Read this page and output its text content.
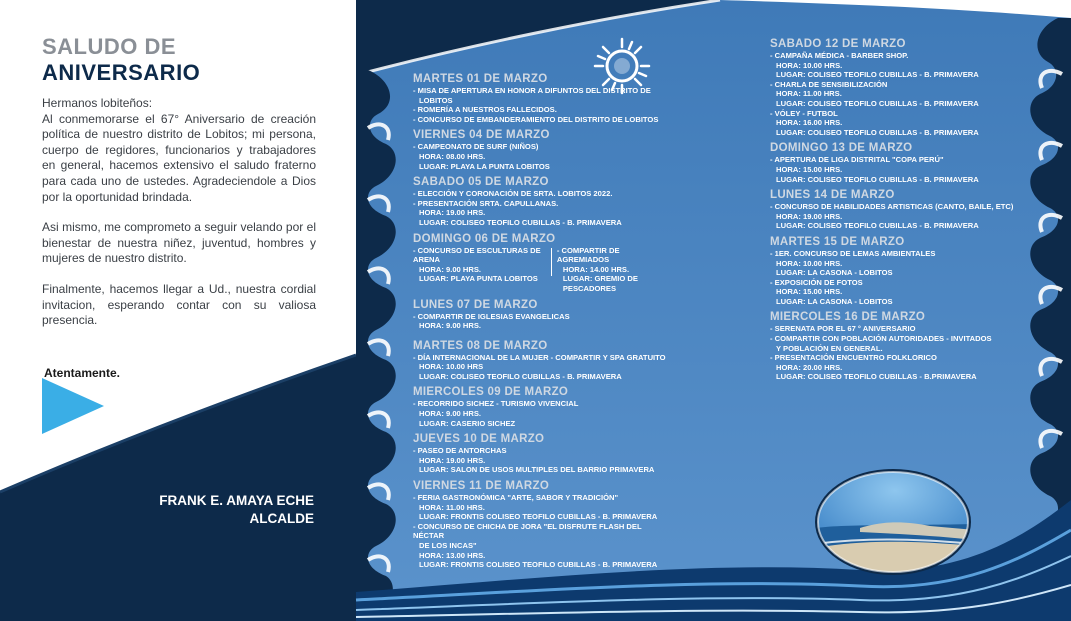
SALUDO DE
ANIVERSARIO

Hermanos lobiteños:

Al conmemorarse el 67° Aniversario de creación política de nuestro distrito de Lobitos; mi persona, cuerpo de regidores, funcionarios y trabajadores en general, hacemos extensivo el saludo fraterno para cada uno de ustedes. Agradeciendole a Dios por la oportunidad brindada.

Asi mismo, me comprometo a seguir velando por el bienestar de nuestra niñez, juventud, hombres y mujeres de nuestro distrito.

Finalmente, hacemos llegar a Ud., nuestra cordial invitacion, esperando contar con su valiosa presencia.

Atentamente.
FRANK E. AMAYA ECHE
ALCALDE
MARTES 01 DE MARZO
- MISA DE APERTURA EN HONOR A DIFUNTOS DEL DISTRITO DE
LOBITOS
- ROMERÍA A NUESTROS FALLECIDOS.
- CONCURSO DE EMBANDERAMIENTO DEL DISTRITO DE LOBITOS
VIERNES 04 DE MARZO
- CAMPEONATO DE SURF (NIÑOS)
HORA: 08.00 HRS.
LUGAR: PLAYA LA PUNTA LOBITOS
SABADO 05 DE MARZO
- ELECCIÓN Y CORONACIÓN DE SRTA. LOBITOS 2022.
- PRESENTACIÓN SRTA. CAPULLANAS.
HORA: 19.00 HRS.
LUGAR: COLISEO TEOFILO CUBILLAS - B. PRIMAVERA
DOMINGO 06 DE MARZO
- CONCURSO DE ESCULTURAS DE ARENA
HORA: 9.00 HRS.
LUGAR: PLAYA PUNTA LOBITOS
- COMPARTIR DE AGREMIADOS
HORA: 14.00 HRS.
LUGAR: GREMIO DE PESCADORES
LUNES 07 DE MARZO
- COMPARTIR DE IGLESIAS EVANGELICAS
HORA: 9.00 HRS.
MARTES 08 DE MARZO
- DÍA INTERNACIONAL DE LA MUJER - COMPARTIR Y SPA GRATUITO
HORA: 10.00 HRS
LUGAR: COLISEO TEOFILO CUBILLAS - B. PRIMAVERA
MIERCOLES 09 DE MARZO
- RECORRIDO SICHEZ - TURISMO VIVENCIAL
HORA: 9.00 HRS.
LUGAR: CASERIO SICHEZ
JUEVES 10 DE MARZO
- PASEO DE ANTORCHAS
HORA: 19.00 HRS.
LUGAR: SALON DE USOS MULTIPLES DEL BARRIO PRIMAVERA
VIERNES 11 DE MARZO
- FERIA GASTRONÓMICA "ARTE, SABOR Y TRADICIÓN"
HORA: 11.00 HRS.
LUGAR: FRONTIS COLISEO TEOFILO CUBILLAS - B. PRIMAVERA
- CONCURSO DE CHICHA DE JORA "EL DISFRUTE FLASH DEL NÉCTAR
DE LOS INCAS"
HORA: 13.00 HRS.
LUGAR: FRONTIS COLISEO TEOFILO CUBILLAS - B. PRIMAVERA
SABADO 12 DE MARZO
- CAMPAÑA MÉDICA - BARBER SHOP.
HORA: 10.00 HRS.
LUGAR: COLISEO TEOFILO CUBILLAS - B. PRIMAVERA
- CHARLA DE SENSIBILIZACIÓN
HORA: 11.00 HRS.
LUGAR: COLISEO TEOFILO CUBILLAS - B. PRIMAVERA
- VÓLEY - FUTBOL
HORA: 16.00 HRS.
LUGAR: COLISEO TEOFILO CUBILLAS - B. PRIMAVERA
DOMINGO 13 DE MARZO
- APERTURA DE LIGA DISTRITAL "COPA PERÚ"
HORA: 15.00 HRS.
LUGAR: COLISEO TEOFILO CUBILLAS - B. PRIMAVERA
LUNES 14 DE MARZO
- CONCURSO DE HABILIDADES ARTISTICAS (CANTO, BAILE, ETC)
HORA: 19.00 HRS.
LUGAR: COLISEO TEOFILO CUBILLAS - B. PRIMAVERA
MARTES 15 DE MARZO
- 1ER. CONCURSO DE LEMAS AMBIENTALES
HORA: 10.00 HRS.
LUGAR: LA CASONA - LOBITOS
- EXPOSICIÓN DE FOTOS
HORA: 15.00 HRS.
LUGAR: LA CASONA - LOBITOS
MIERCOLES 16 DE MARZO
- SERENATA POR EL 67 ° ANIVERSARIO
- COMPARTIR CON POBLACIÓN AUTORIDADES - INVITADOS
Y POBLACIÓN EN GENERAL.
- PRESENTACIÓN ENCUENTRO FOLKLORICO
HORA: 20.00 HRS.
LUGAR: COLISEO TEOFILO CUBILLAS - B.PRIMAVERA
